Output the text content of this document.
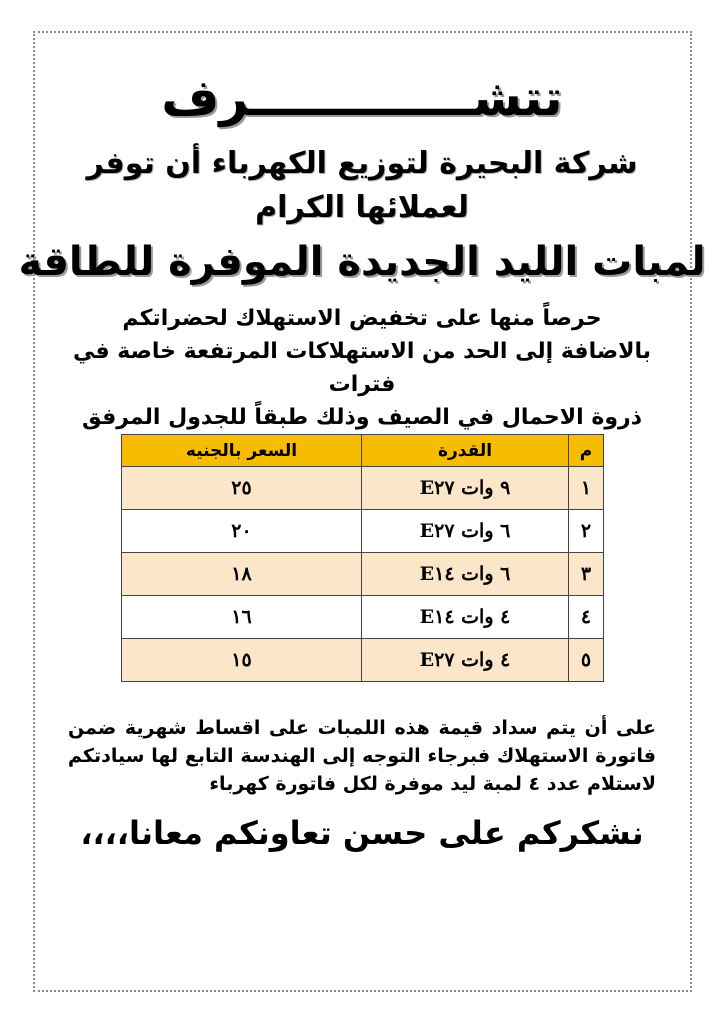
تتشـــــــــــــرف
شركة البحيرة لتوزيع الكهرباء أن توفر لعملائها الكرام
لمبات الليد الجديدة الموفرة للطاقة
حرصاً منها على تخفيض الاستهلاك لحضراتكم
بالاضافة إلى الحد من الاستهلاكات المرتفعة خاصة في فترات
ذروة الاحمال في الصيف وذلك طبقاً للجدول المرفق
م	القدرة	السعر بالجنيه
١	٩ وات E٢٧	٢٥
٢	٦ وات E٢٧	٢٠
٣	٦ وات E١٤	١٨
٤	٤ وات E١٤	١٦
٥	٤ وات E٢٧	١٥
على أن يتم سداد قيمة هذه اللمبات على اقساط شهرية ضمن
فاتورة الاستهلاك فبرجاء التوجه إلى الهندسة التابع لها سيادتكم
لاستلام عدد ٤ لمبة ليد موفرة لكل فاتورة كهرباء
نشكركم على حسن تعاونكم معانا،،،،
